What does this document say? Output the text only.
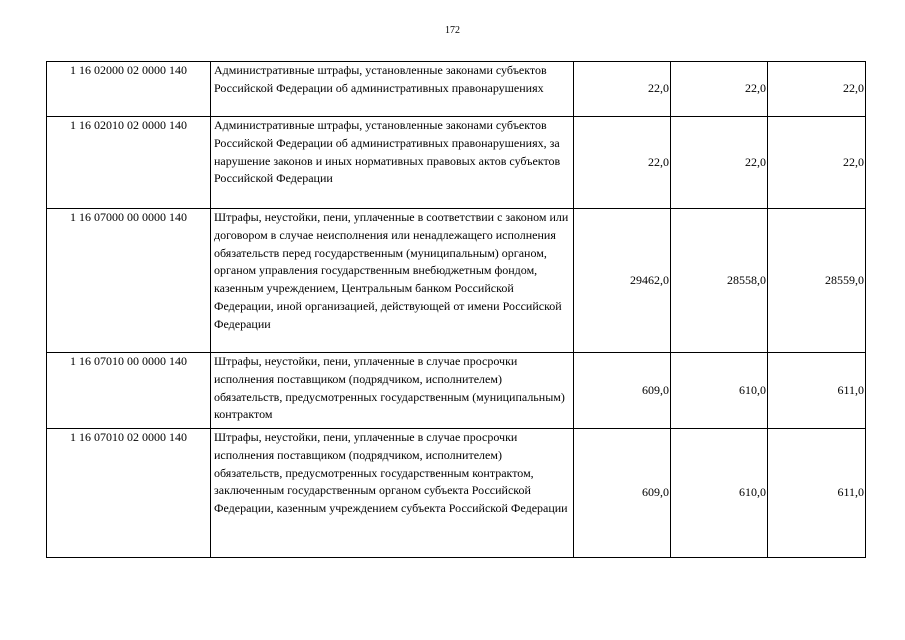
172
1 16 02000 02 0000 140	Административные штрафы, установленные законами субъектов Российской Федерации об административных правонарушениях	22,0	22,0	22,0
1 16 02010 02 0000 140	Административные штрафы, установленные законами субъектов Российской Федерации об административных правонарушениях, за нарушение законов и иных нормативных правовых актов субъектов Российской Федерации	22,0	22,0	22,0
1 16 07000 00 0000 140	Штрафы, неустойки, пени, уплаченные в соответствии с законом или договором в случае неисполнения или ненадлежащего исполнения обязательств перед государственным (муниципальным) органом, органом управления государственным внебюджетным фондом, казенным учреждением, Центральным банком Российской Федерации, иной организацией, действующей от имени Российской Федерации	29462,0	28558,0	28559,0
1 16 07010 00 0000 140	Штрафы, неустойки, пени, уплаченные в случае просрочки исполнения поставщиком (подрядчиком, исполнителем) обязательств, предусмотренных государственным (муниципальным) контрактом	609,0	610,0	611,0
1 16 07010 02 0000 140	Штрафы, неустойки, пени, уплаченные в случае просрочки исполнения поставщиком (подрядчиком, исполнителем) обязательств, предусмотренных государственным контрактом, заключенным государственным органом субъекта Российской Федерации, казенным учреждением субъекта Российской Федерации	609,0	610,0	611,0
